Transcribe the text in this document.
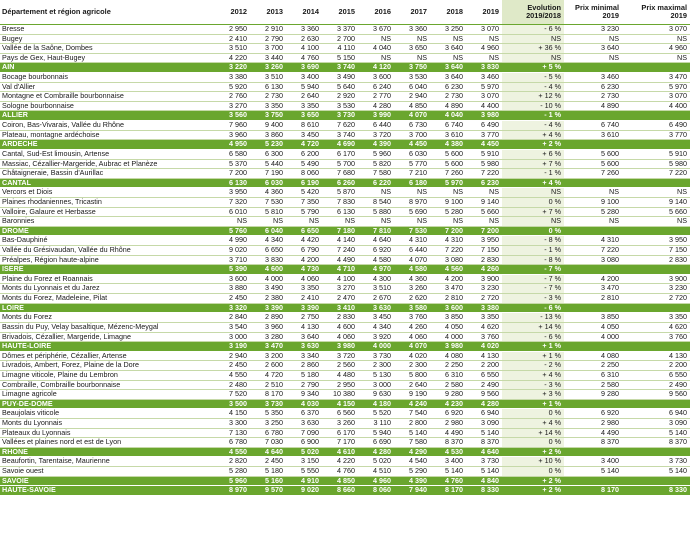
Département et région agricole	2012	2013	2014	2015	2016	2017	2018	2019	Evolution 2019/2018	Prix minimal 2019	Prix maximal 2019
Bresse	2 950	2 910	3 360	3 370	3 670	3 360	3 250	3 070	- 6 %	3 230	3 070
Bugey	2 410	2 790	2 630	2 700	NS	NS	NS	NS	NS	NS	NS
Vallée de la Saône, Dombes	3 510	3 700	4 100	4 110	4 040	3 650	3 640	4 960	+ 36 %	3 640	4 960
Pays de Gex, Haut-Bugey	4 220	3 440	4 760	5 150	NS	NS	NS	NS	NS	NS	NS
AIN	3 220	3 260	3 690	3 740	4 120	3 750	3 640	3 830	+ 5 %		
Bocage bourbonnais	3 380	3 510	3 400	3 490	3 600	3 530	3 640	3 460	- 5 %	3 460	3 470
Val d'Allier	5 920	6 130	5 940	5 640	6 240	6 040	6 230	5 970	- 4 %	6 230	5 970
Montagne et Combraille bourbonnaise	2 760	2 730	2 640	2 920	2 770	2 940	2 730	3 070	+ 12 %	2 730	3 070
Sologne bourbonnaise	3 270	3 350	3 350	3 530	4 280	4 850	4 890	4 400	- 10 %	4 890	4 400
ALLIER	3 560	3 750	3 650	3 730	3 990	4 070	4 040	3 980	- 1 %		
Coiron, Bas-Vivarais, Vallée du Rhône	7 960	9 400	8 610	7 620	6 440	6 730	6 740	6 490	- 4 %	6 740	6 490
Plateau, montagne ardéchoise	3 960	3 860	3 450	3 740	3 720	3 700	3 610	3 770	+ 4 %	3 610	3 770
ARDECHE	4 950	5 230	4 720	4 690	4 390	4 450	4 380	4 450	+ 2 %		
Cantal, Sud-Est limousin, Artense	6 580	6 300	6 200	6 170	5 960	6 030	5 600	5 910	+ 6 %	5 600	5 910
Massiac, Cézallier-Margeride, Aubrac et Planèze	5 370	5 440	5 490	5 700	5 820	5 770	5 600	5 980	+ 7 %	5 600	5 980
Châtaigneraie, Bassin d'Aurillac	7 200	7 190	8 060	7 680	7 580	7 210	7 260	7 220	- 1 %	7 260	7 220
CANTAL	6 130	6 030	6 190	6 260	6 220	6 180	5 970	6 230	+ 4 %		
Vercors et Diois	3 950	4 360	5 420	5 870	NS	NS	NS	NS	NS	NS	NS
Plaines rhodaniennes, Tricastin	7 320	7 530	7 350	7 830	8 540	8 970	9 100	9 140	0 %	9 100	9 140
Valloire, Galaure et Herbasse	6 010	5 810	5 790	6 130	5 880	5 690	5 280	5 660	+ 7 %	5 280	5 660
Baronnies	NS	NS	NS	NS	NS	NS	NS	NS	NS	NS	NS
DROME	5 760	6 040	6 650	7 180	7 810	7 530	7 200	7 200	0 %		
Bas-Dauphiné	4 990	4 340	4 420	4 140	4 640	4 310	4 310	3 950	- 8 %	4 310	3 950
Vallée du Grésivaudan, Vallée du Rhône	9 020	6 650	6 790	7 240	6 920	6 440	7 220	7 150	- 1 %	7 220	7 150
Préalpes, Région haute-alpine	3 710	3 830	4 200	4 490	4 580	4 070	3 080	2 830	- 8 %	3 080	2 830
ISERE	5 390	4 600	4 730	4 710	4 970	4 580	4 560	4 260	- 7 %		
Plaine du Forez et Roannais	3 600	4 000	4 060	4 100	4 300	4 360	4 200	3 900	- 7 %	4 200	3 900
Monts du Lyonnais et du Jarez	3 880	3 490	3 350	3 270	3 510	3 260	3 470	3 230	- 7 %	3 470	3 230
Monts du Forez, Madeleine, Pilat	2 450	2 380	2 410	2 470	2 670	2 620	2 810	2 720	- 3 %	2 810	2 720
LOIRE	3 320	3 390	3 390	3 410	3 630	3 580	3 600	3 380	- 6 %		
Monts du Forez	2 840	2 890	2 750	2 830	3 450	3 760	3 850	3 350	- 13 %	3 850	3 350
Bassin du Puy, Velay basaltique, Mézenc-Meygal	3 540	3 960	4 130	4 600	4 340	4 260	4 050	4 620	+ 14 %	4 050	4 620
Brivadois, Cézallier, Margeride, Limagne	3 000	3 280	3 640	4 060	3 920	4 060	4 000	3 760	- 6 %	4 000	3 760
HAUTE-LOIRE	3 190	3 470	3 630	3 980	4 000	4 070	3 980	4 020	+ 1 %		
Dômes et périphérie, Cézallier, Artense	2 940	3 200	3 340	3 720	3 730	4 020	4 080	4 130	+ 1 %	4 080	4 130
Livradois, Ambert, Forez, Plaine de la Dore	2 450	2 600	2 860	2 560	2 300	2 300	2 250	2 200	- 2 %	2 250	2 200
Limagne viticole, Plaine du Lembron	4 550	4 720	5 180	4 480	5 130	5 800	6 310	6 550	+ 4 %	6 310	6 550
Combraille, Combraille bourbonnaise	2 480	2 510	2 790	2 950	3 000	2 640	2 580	2 490	- 3 %	2 580	2 490
Limagne agricole	7 520	8 170	9 340	10 380	9 630	9 190	9 280	9 560	+ 3 %	9 280	9 560
PUY-DE-DOME	3 500	3 730	4 030	4 150	4 180	4 240	4 230	4 280	+ 1 %		
Beaujolais viticole	4 150	5 350	6 370	6 560	5 520	7 540	6 920	6 940	0 %	6 920	6 940
Monts du Lyonnais	3 300	3 250	3 630	3 260	3 110	2 800	2 980	3 090	+ 4 %	2 980	3 090
Plateaux du Lyonnais	7 130	6 780	7 090	6 170	5 940	5 140	4 490	5 140	+ 14 %	4 490	5 140
Vallées et plaines nord et est de Lyon	6 780	7 030	6 900	7 170	6 690	7 580	8 370	8 370	0 %	8 370	8 370
RHONE	4 550	4 640	5 020	4 610	4 280	4 290	4 530	4 640	+ 2 %		
Beaufortin, Tarentaise, Maurienne	2 820	2 450	3 150	4 220	5 020	4 540	3 400	3 730	+ 10 %	3 400	3 730
Savoie ouest	5 280	5 180	5 550	4 760	4 510	5 290	5 140	5 140	0 %	5 140	5 140
SAVOIE	5 960	5 160	4 910	4 850	4 960	4 390	4 760	4 840	+ 2 %		
HAUTE-SAVOIE	8 970	9 570	9 020	8 660	8 060	7 940	8 170	8 330	+ 2 %	8 170	8 330
